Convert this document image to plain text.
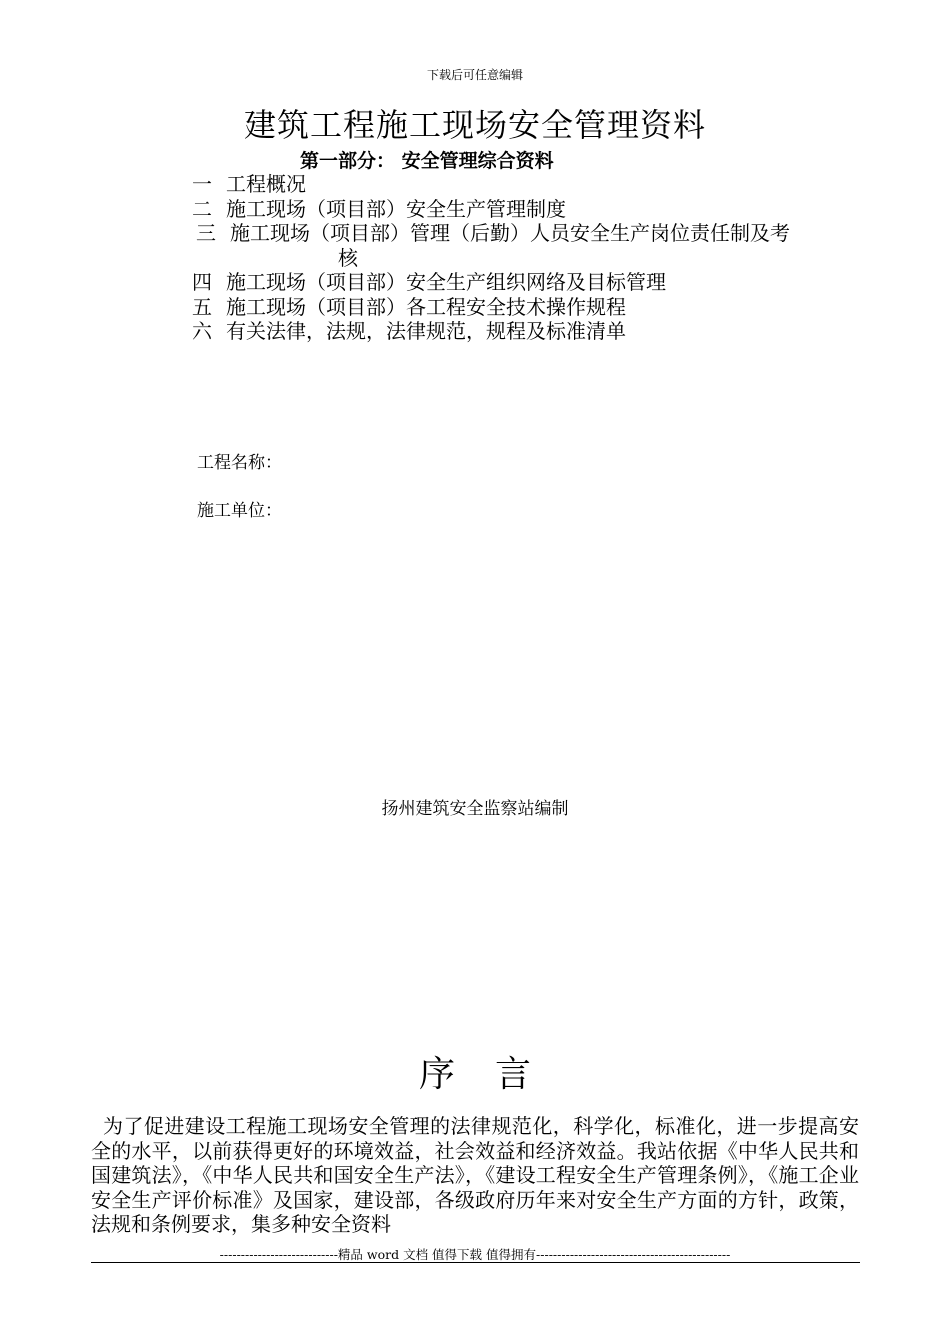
下载后可任意编辑
建筑工程施工现场安全管理资料
第一部分： 安全管理综合资料
一 工程概况
二 施工现场（项目部）安全生产管理制度
三 施工现场（项目部）管理（后勤）人员安全生产岗位责任制及考
核
四 施工现场（项目部）安全生产组织网络及目标管理
五 施工现场（项目部）各工程安全技术操作规程
六 有关法律，法规，法律规范，规程及标准清单
工程名称：
施工单位：
扬州建筑安全监察站编制
序言
为了促进建设工程施工现场安全管理的法律规范化，科学化，标准化，进一步提高安全的水平，以前获得更好的环境效益，社会效益和经济效益。我站依据《中华人民共和国建筑法》，《中华人民共和国安全生产法》，《建设工程安全生产管理条例》，《施工企业安全生产评价标准》及国家，建设部，各级政府历年来对安全生产方面的方针，政策，法规和条例要求，集多种安全资料
----------------------------精品 word 文档 值得下载 值得拥有----------------------------------------------
